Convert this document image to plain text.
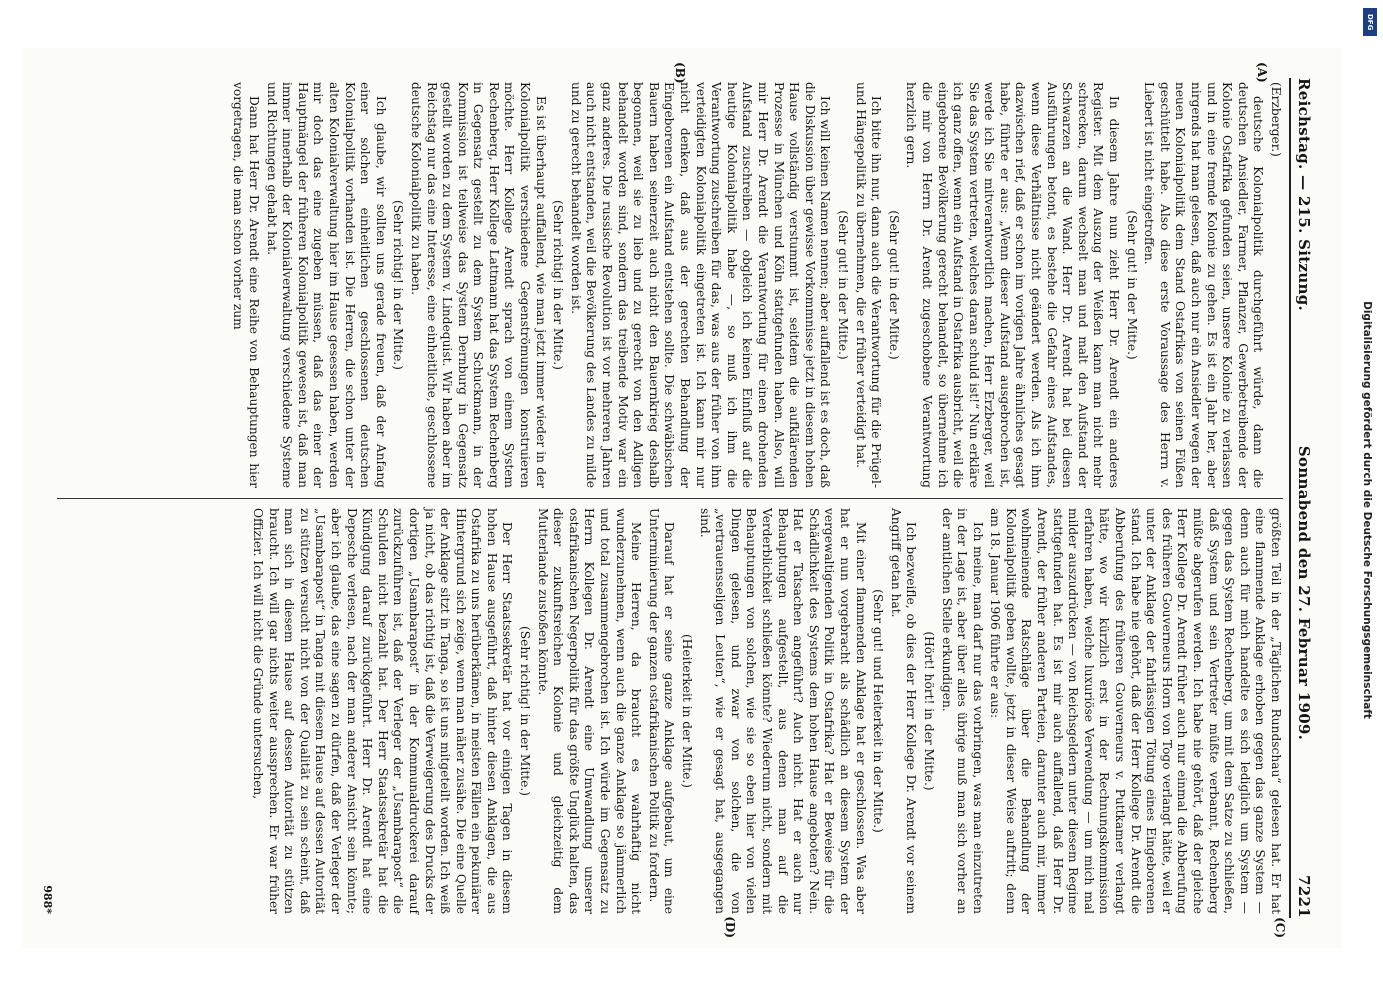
Reichstag. — 215. Sitzung.
Sonnabend den 27. Februar 1909.
7221
(A)
(B)
(C)
(D)

(Erzberger.)

deutsche Kolonialpolitik durchgeführt würde, dann die deutschen Ansiedler, Farmer, Pflanzer, Gewerbetreibende der Kolonie Ostafrika gefunden seien, unsere Kolonie zu verlassen und in eine fremde Kolonie zu gehen. Es ist ein Jahr her, aber nirgends hat man gelesen, daß auch nur ein Ansiedler wegen der neuen Kolonialpolitik dem Stand Ostafrikas von seinen Füßen geschüttelt habe. Also diese erste Voraussage des Herrn v. Liebert ist nicht eingetroffen.

(Sehr gut! in der Mitte.)

In diesem Jahre nun zieht Herr Dr. Arendt ein anderes Register. Mit dem Auszug der Weißen kann man nicht mehr schrecken, darum wechselt man und malt den Aufstand der Schwarzen an die Wand. Herr Dr. Arendt hat bei diesen Ausführungen betont, es bestehe die Gefahr eines Aufstandes, wenn diese Verhältnisse nicht geändert werden. Als ich ihm dazwischen rief, daß er schon im vorigen Jahre ähnliches gesagt habe, führte er aus: „Wenn dieser Aufstand ausgebrochen ist, werde ich Sie mitverantwortlich machen, Herr Erzberger, weil Sie das System vertreten, welches daran schuld ist!“ Nun erkläre ich ganz offen, wenn ein Aufstand in Ostafrika ausbricht, weil die eingeborene Bevölkerung gerecht behandelt, so übernehme ich die mir von Herrn Dr. Arendt zugeschobene Verantwortung herzlich gern.

(Sehr gut! in der Mitte.)

Ich bitte ihn nur, dann auch die Verantwortung für die Prügel- und Hängepolitik zu übernehmen, die er früher verteidigt hat.

(Sehr gut! in der Mitte.)

Ich will keinen Namen nennen; aber auffallend ist es doch, daß die Diskussion über gewisse Vorkommnisse jetzt in diesem hohen Hause vollständig verstummt ist, seitdem die aufklärenden Prozesse in München und Köln stattgefunden haben. Also, will mir Herr Dr. Arendt die Verantwortung für einen drohenden Aufstand zuschreiben — obgleich ich keinen Einfluß auf die heutige Kolonialpolitik habe —, so muß ich ihm die Verantwortung zuschreiben für das, was aus der früher von ihm verteidigten Kolonialpolitik eingetreten ist. Ich kann mir nur nicht denken, daß aus der gerechten Behandlung der Eingeborenen ein Aufstand entstehen sollte. Die schwäbischen Bauern haben seinerzeit auch nicht den Bauernkrieg deshalb begonnen, weil sie zu lieb und zu gerecht von den Adligen behandelt worden sind, sondern das treibende Motiv war ein ganz anderes. Die russische Revolution ist vor mehreren Jahren auch nicht entstanden, weil die Bevölkerung des Landes zu milde und zu gerecht behandelt worden ist.

(Sehr richtig! in der Mitte.)

Es ist überhaupt auffallend, wie man jetzt immer wieder in der Kolonialpolitik verschiedene Gegenströmungen konstruieren möchte. Herr Kollege Arendt sprach von einem System Rechenberg, Herr Kollege Lattmann hat das System Rechenberg in Gegensatz gestellt zu dem System Schuckmann, in der Kommission ist teilweise das System Dernburg in Gegensatz gestellt worden zu dem System v. Lindequist. Wir haben aber im Reichstag nur das eine Interesse, eine einheitliche, geschlossene deutsche Kolonialpolitik zu haben.

(Sehr richtig! in der Mitte.)

Ich glaube, wir sollten uns gerade freuen, daß der Anfang einer solchen einheitlichen geschlossenen deutschen Kolonialpolitik vorhanden ist. Die Herren, die schon unter der alten Kolonialverwaltung hier im Hause gesessen haben, werden mir doch das eine zugeben müssen, daß das einer der Hauptmängel der früheren Kolonialpolitik gewesen ist, daß man immer innerhalb der Kolonialverwaltung verschiedene Systeme und Richtungen gehabt hat.

Dann hat Herr Dr. Arendt eine Reihe von Behauptungen hier vorgetragen, die man schon vorher zum

größten Teil in der „Täglichen Rundschau“ gelesen hat. Er hat eine flammende Anklage erhoben gegen das ganze System — denn auch für mich handelte es sich lediglich um System — gegen das System Rechenberg, um mit dem Satze zu schließen, daß System und sein Vertreter müßte verbannt, Rechenberg müßte abgerufen werden. Ich habe nie gehört, daß der gleiche Herr Kollege Dr. Arendt früher auch nur einmal die Abberufung des früheren Gouverneurs Horn von Togo verlangt hätte, weil er unter der Anklage der fahrlässigen Tötung eines Eingeborenen stand. Ich habe nie gehört, daß der Herr Kollege Dr. Arendt die Abberufung des früheren Gouverneurs v. Puttkamer verlangt hätte, wo wir kürzlich erst in der Rechnungskommission erfahren haben, welche luxuriöse Verwendung — um mich mal milder auszudrücken — von Reichsgeldern unter diesem Regime stattgefunden hat. Es ist mir auch auffallend, daß Herr Dr. Arendt, der früher anderen Parteien, darunter auch mir, immer wohlmeinende Ratschläge über die Behandlung der Kolonialpolitik geben wollte, jetzt in dieser Weise auftritt; denn am 18. Januar 1906 führte er aus:

Ich meine, man darf nur das vorbringen, was man einzutreten in der Lage ist, aber über alles übrige muß man sich vorher an der amtlichen Stelle erkundigen.

(Hört! hört! in der Mitte.)

Ich bezweifle, ob dies der Herr Kollege Dr. Arendt vor seinem Angriff getan hat.

(Sehr gut! und Heiterkeit in der Mitte.)

Mit einer flammenden Anklage hat er geschlossen. Was aber hat er nun vorgebracht als schädlich an diesem System der vergewaltigenden Politik in Ostafrika? Hat er Beweise für die Schädlichkeit des Systems dem hohen Hause angeboten? Nein. Hat er Tatsachen angeführt? Auch nicht. Hat er auch nur Behauptungen aufgestellt, aus denen man auf die Verderblichkeit schließen könnte? Wiederum nicht, sondern mit Behauptungen von solchen, wie sie so eben hier von vielen Dingen gelesen, und zwar von solchen, die von „vertrauensseligen Leuten“, wie er gesagt hat, ausgegangen sind.

(Heiterkeit in der Mitte.)

Darauf hat er seine ganze Anklage aufgebaut, um eine Unterminierung der ganzen ostafrikanischen Politik zu fordern.

Meine Herren, da braucht es wahrhaftig nicht wunderzunehmen, wenn auch die ganze Anklage so jämmerlich und total zusammengebrochen ist. Ich würde im Gegensatz zu Herrn Kollegen Dr. Arendt eine Umwandlung unserer ostafrikanischen Negerpolitik für das größte Unglück halten, das dieser zukunftsreichen Kolonie und gleichzeitig dem Mutterlande zustoßen könnte.

(Sehr richtig! in der Mitte.)

Der Herr Staatssekretär hat vor einigen Tagen in diesem hohen Hause ausgeführt, daß hinter diesen Anklagen, die aus Ostafrika zu uns herüberkämen, in meisten Fällen ein pekuniärer Hintergrund sich zeige, wenn man näher zusähe. Die eine Quelle der Anklage sitzt in Tanga, so ist uns mitgeteilt worden. Ich weiß ja nicht, ob das richtig ist, daß die Verweigerung des Drucks der dortigen „Usambarapost“ in der Kommunaldruckerei darauf zurückzuführen ist, daß der Verleger der „Usambarapost“ die Schulden nicht bezahlt hat. Der Herr Staatssekretär hat die Kündigung darauf zurückgeführt. Herr Dr. Arendt hat eine Depesche verlesen, nach der man anderer Ansicht sein könnte; aber ich glaube, das eine sagen zu dürfen, daß der Verleger der „Usambarapost“ in Tanga mit diesem Hause auf dessen Autorität zu stützen versucht nicht von der Qualität zu sein scheint, daß man sich in diesem Hause auf dessen Autorität zu stützen braucht. Ich will gar nichts weiter aussprechen. Er war früher Offizier. Ich will nicht die Gründe untersuchen,

988*
DFG
Digitalisierung gefördert durch die Deutsche Forschungsgemeinschaft
